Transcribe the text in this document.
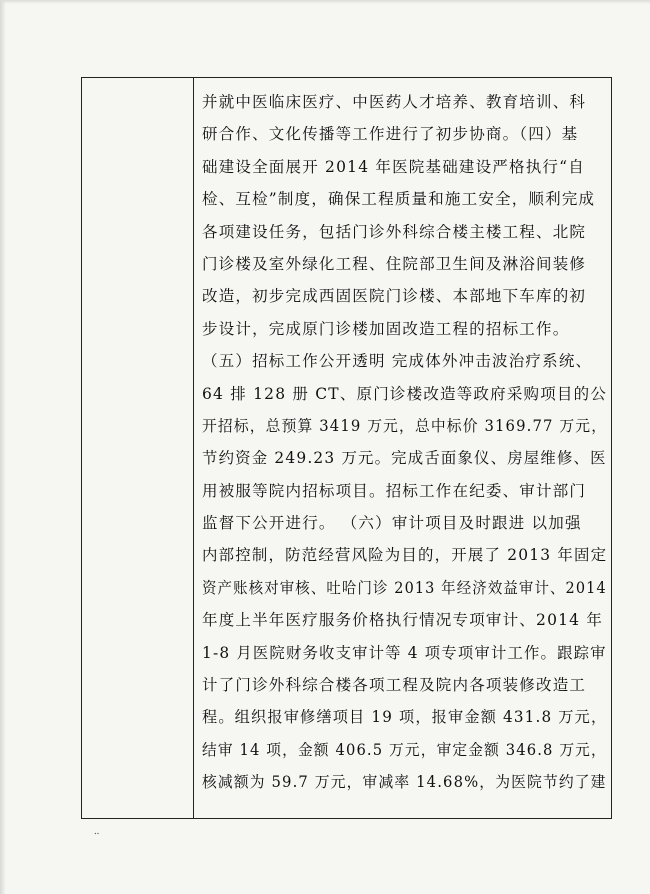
并就中医临床医疗、中医药人才培养、教育培训、科
研合作、文化传播等工作进行了初步协商。（四）基
础建设全面展开 2014 年医院基础建设严格执行“自
检、互检”制度，确保工程质量和施工安全，顺利完成
各项建设任务，包括门诊外科综合楼主楼工程、北院
门诊楼及室外绿化工程、住院部卫生间及淋浴间装修
改造，初步完成西固医院门诊楼、本部地下车库的初
步设计，完成原门诊楼加固改造工程的招标工作。
（五）招标工作公开透明 完成体外冲击波治疗系统、
64 排 128 册 CT、原门诊楼改造等政府采购项目的公
开招标，总预算 3419 万元，总中标价 3169.77 万元，
节约资金 249.23 万元。完成舌面象仪、房屋维修、医
用被服等院内招标项目。招标工作在纪委、审计部门
监督下公开进行。 （六）审计项目及时跟进 以加强
内部控制，防范经营风险为目的，开展了 2013 年固定
资产账核对审核、吐哈门诊 2013 年经济效益审计、2014
年度上半年医疗服务价格执行情况专项审计、2014 年
1-8 月医院财务收支审计等 4 项专项审计工作。跟踪审
计了门诊外科综合楼各项工程及院内各项装修改造工
程。组织报审修缮项目 19 项，报审金额 431.8 万元，
结审 14 项，金额 406.5 万元，审定金额 346.8 万元，
核减额为 59.7 万元，审减率 14.68%，为医院节约了建
⸱⸱
